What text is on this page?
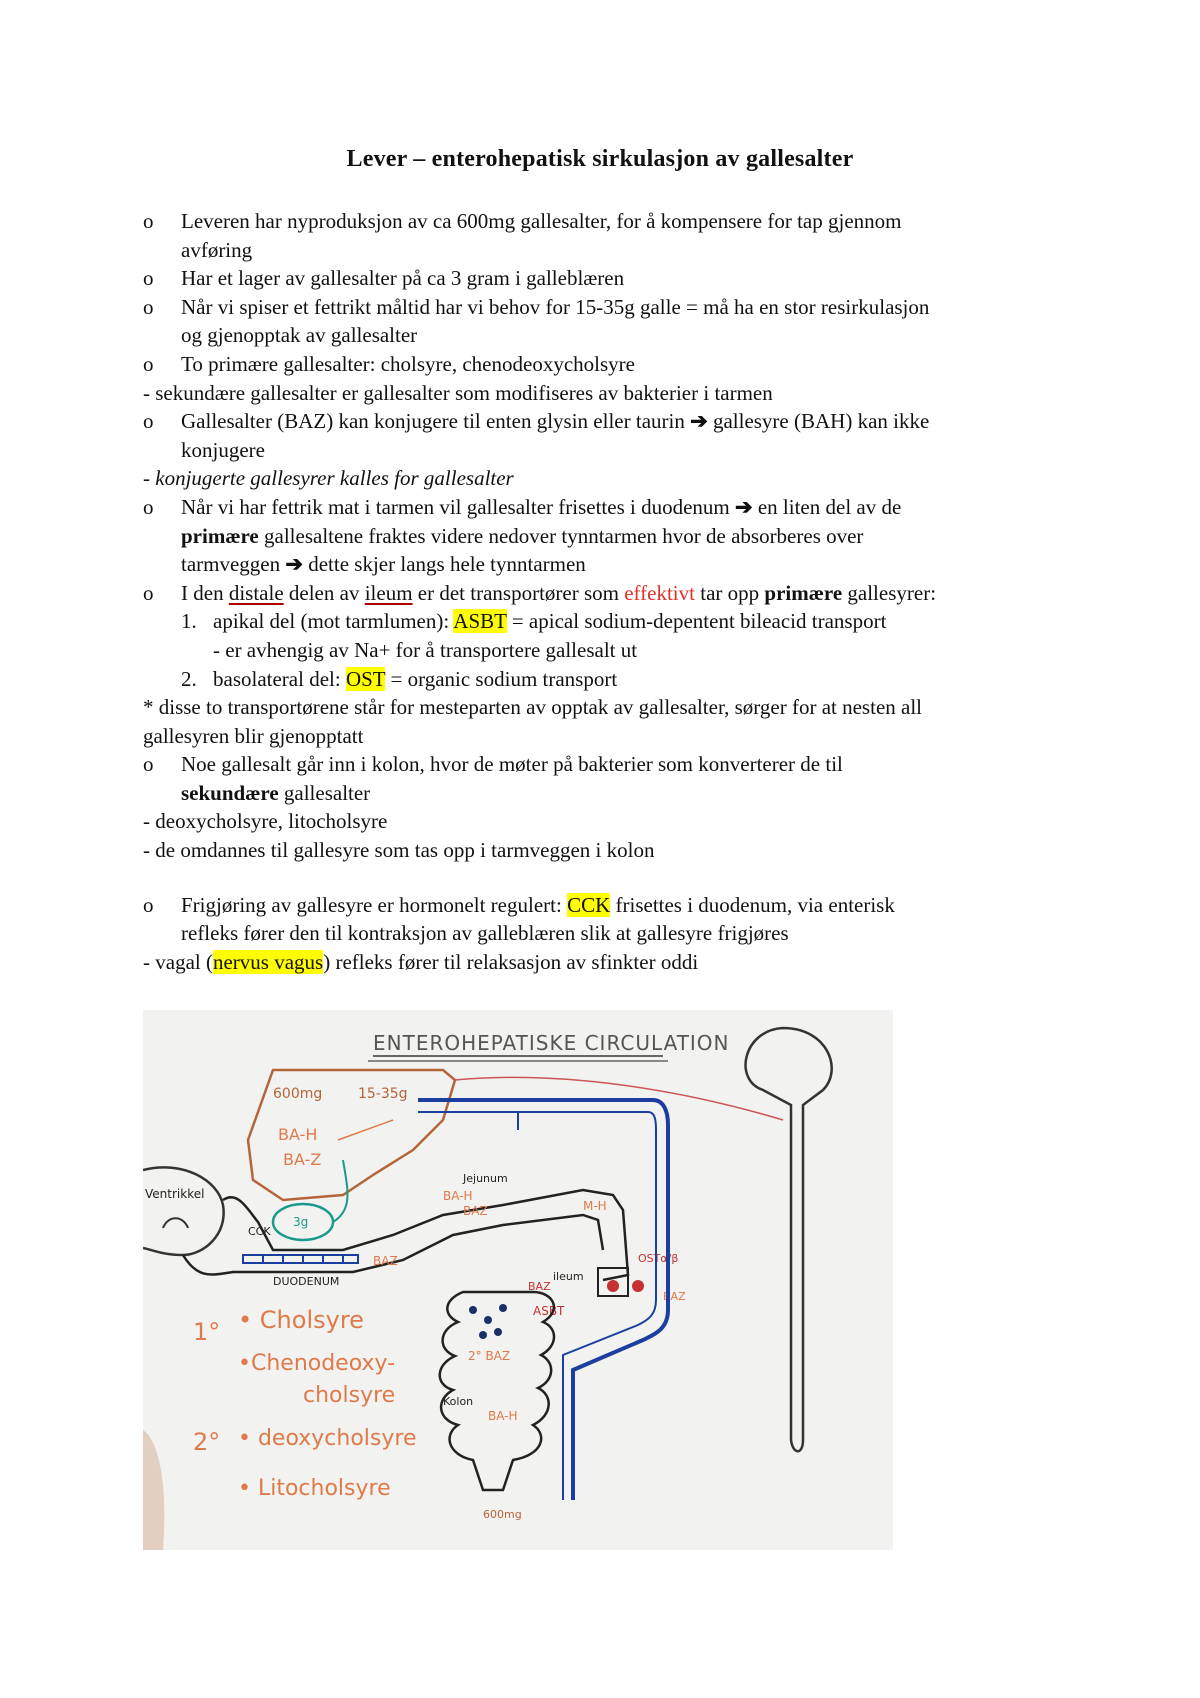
Lever – enterohepatisk sirkulasjon av gallesalter
o Leveren har nyproduksjon av ca 600mg gallesalter, for å kompensere for tap gjennom
avføring
o Har et lager av gallesalter på ca 3 gram i galleblæren
o Når vi spiser et fettrikt måltid har vi behov for 15-35g galle = må ha en stor resirkulasjon
og gjenopptak av gallesalter
o To primære gallesalter: cholsyre, chenodeoxycholsyre
- sekundære gallesalter er gallesalter som modifiseres av bakterier i tarmen
o Gallesalter (BAZ) kan konjugere til enten glysin eller taurin ➔ gallesyre (BAH) kan ikke
konjugere
- konjugerte gallesyrer kalles for gallesalter
o Når vi har fettrik mat i tarmen vil gallesalter frisettes i duodenum ➔ en liten del av de
primære gallesaltene fraktes videre nedover tynntarmen hvor de absorberes over
tarmveggen ➔ dette skjer langs hele tynntarmen
o I den distale delen av ileum er det transportører som effektivt tar opp primære gallesyrer:
1. apikal del (mot tarmlumen): ASBT = apical sodium-depentent bileacid transport
- er avhengig av Na+ for å transportere gallesalt ut
2. basolateral del: OST = organic sodium transport
* disse to transportørene står for mesteparten av opptak av gallesalter, sørger for at nesten all
gallesyren blir gjenopptatt
o Noe gallesalt går inn i kolon, hvor de møter på bakterier som konverterer de til
sekundære gallesalter
- deoxycholsyre, litocholsyre
- de omdannes til gallesyre som tas opp i tarmveggen i kolon
o Frigjøring av gallesyre er hormonelt regulert: CCK frisettes i duodenum, via enterisk
refleks fører den til kontraksjon av galleblæren slik at gallesyre frigjøres
- vagal (nervus vagus) refleks fører til relaksasjon av sfinkter oddi
ENTEROHEPATISKE CIRCULATION
600mg	15-35g
BA-H
BA-Z
Ventrikkel
DUODENUM
Jejunum
3g
CCK
ileum
OSTα/β
ASBT
BAZ
BA-H
BAZ
BAZ
M-H
BAZ
2° BAZ
Kolon
BA-H
600mg
1° • Cholsyre
•Chenodeoxy-
cholsyre
2° • deoxycholsyre
• Litocholsyre
